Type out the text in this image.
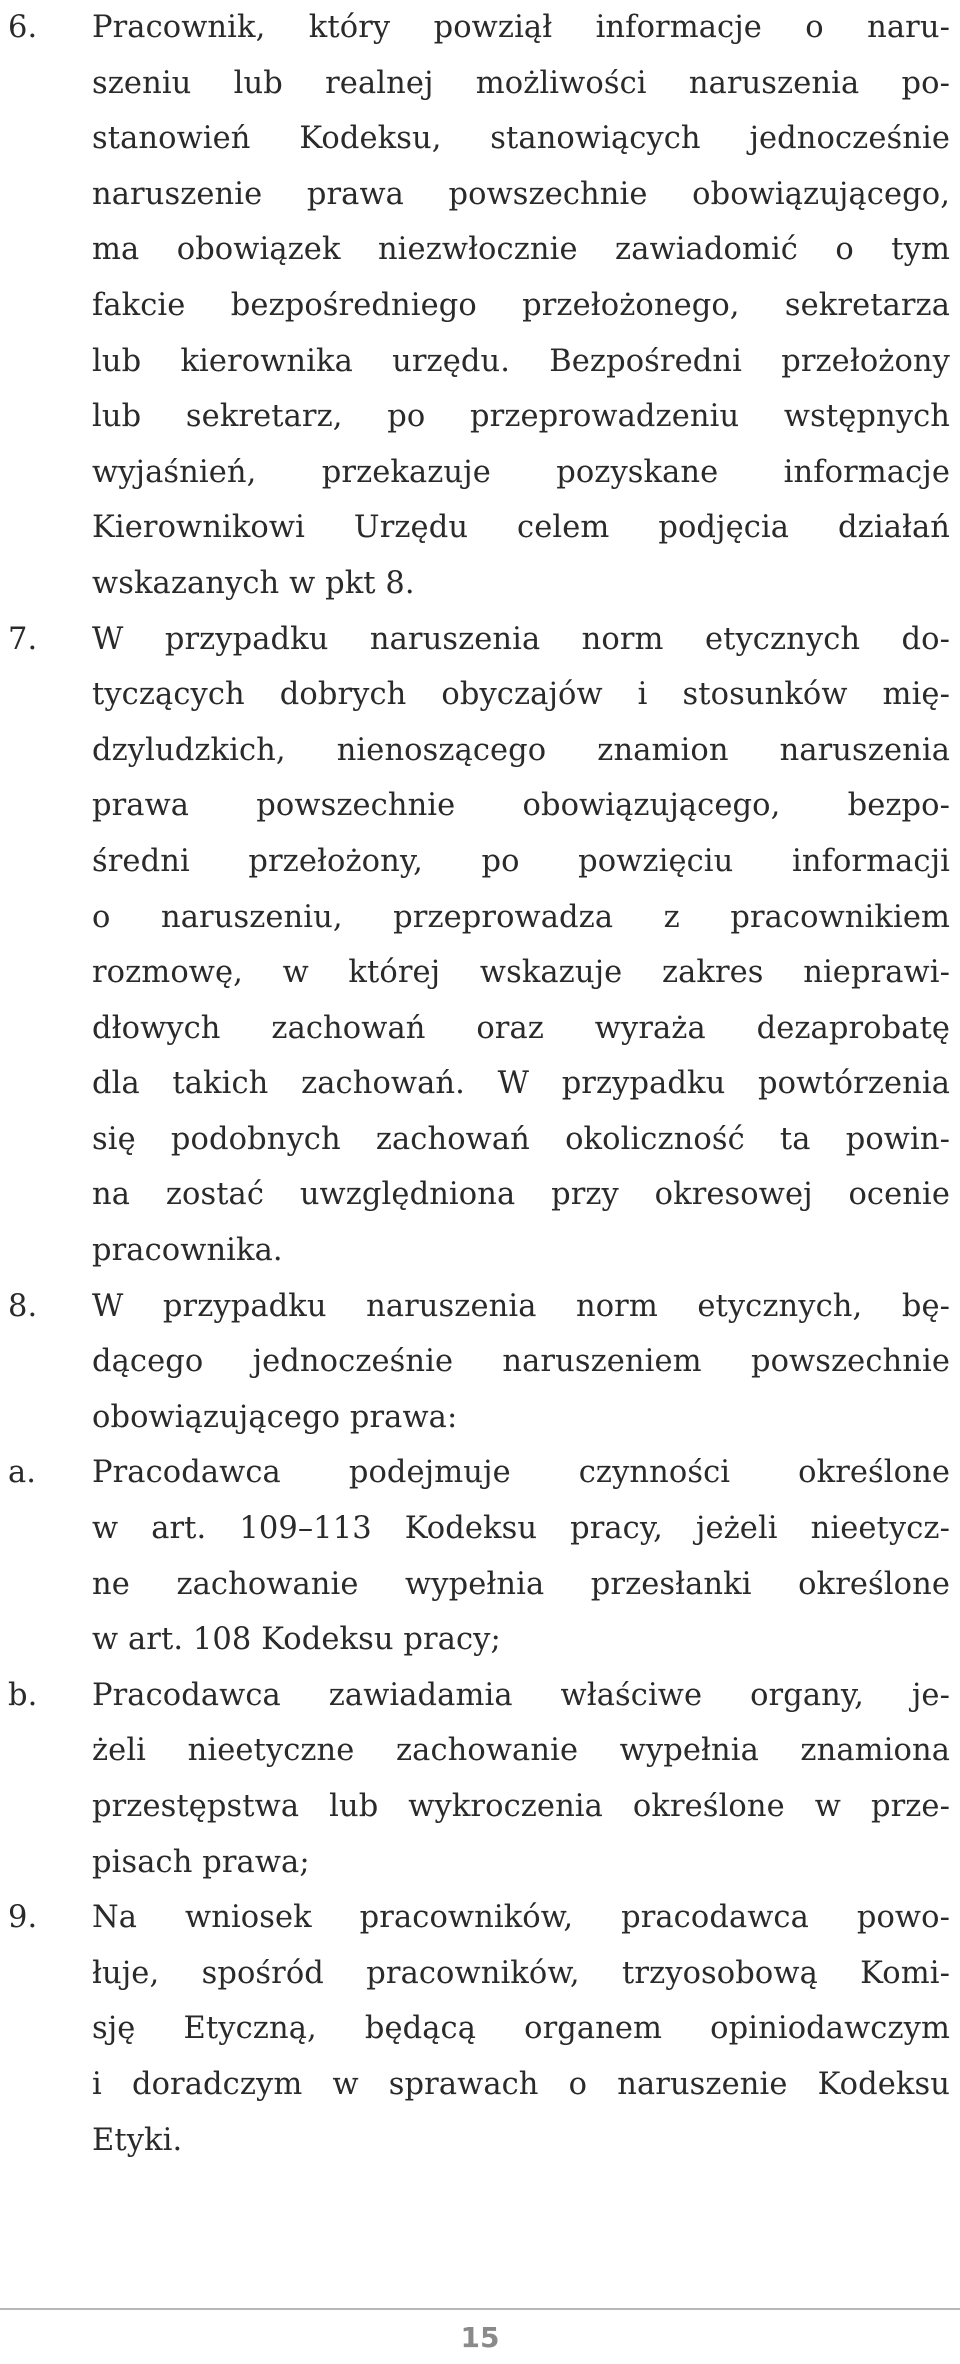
6.	Pracownik, który powziął informacje o naru-
szeniu lub realnej możliwości naruszenia po-
stanowień Kodeksu, stanowiących jednocześnie
naruszenie prawa powszechnie obowiązującego,
ma obowiązek niezwłocznie zawiadomić o tym
fakcie bezpośredniego przełożonego, sekretarza
lub kierownika urzędu. Bezpośredni przełożony
lub sekretarz, po przeprowadzeniu wstępnych
wyjaśnień, przekazuje pozyskane informacje
Kierownikowi Urzędu celem podjęcia działań
wskazanych w pkt 8.
7.	W przypadku naruszenia norm etycznych do-
tyczących dobrych obyczajów i stosunków mię-
dzyludzkich, nienoszącego znamion naruszenia
prawa powszechnie obowiązującego, bezpo-
średni przełożony, po powzięciu informacji
o naruszeniu, przeprowadza z pracownikiem
rozmowę, w której wskazuje zakres nieprawi-
dłowych zachowań oraz wyraża dezaprobatę
dla takich zachowań. W przypadku powtórzenia
się podobnych zachowań okoliczność ta powin-
na zostać uwzględniona przy okresowej ocenie
pracownika.
8.	W przypadku naruszenia norm etycznych, bę-
dącego jednocześnie naruszeniem powszechnie
obowiązującego prawa:
a.	Pracodawca podejmuje czynności określone
w art. 109–113 Kodeksu pracy, jeżeli nieetycz-
ne zachowanie wypełnia przesłanki określone
w art. 108 Kodeksu pracy;
b.	Pracodawca zawiadamia właściwe organy, je-
żeli nieetyczne zachowanie wypełnia znamiona
przestępstwa lub wykroczenia określone w prze-
pisach prawa;
9.	Na wniosek pracowników, pracodawca powo-
łuje, spośród pracowników, trzyosobową Komi-
sję Etyczną, będącą organem opiniodawczym
i doradczym w sprawach o naruszenie Kodeksu
Etyki.
15
